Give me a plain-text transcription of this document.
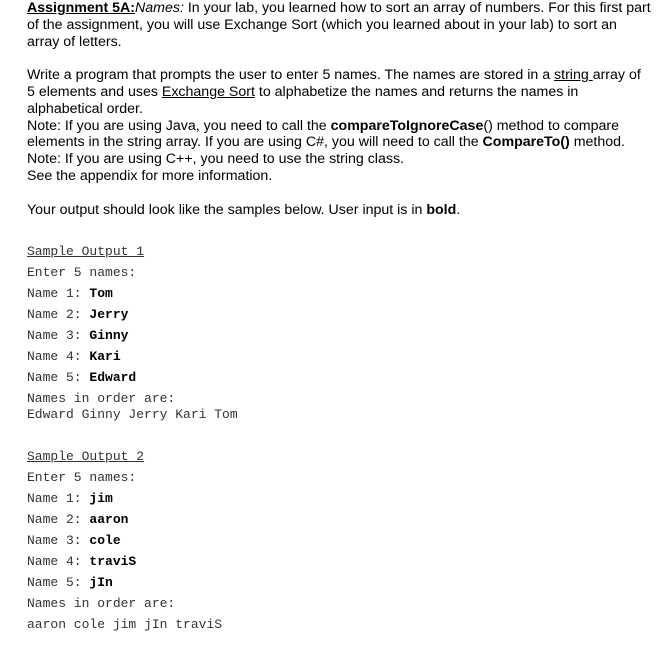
Assignment 5A:Names: In your lab, you learned how to sort an array of numbers. For this first part of the assignment, you will use Exchange Sort (which you learned about in your lab) to sort an array of letters.

Write a program that prompts the user to enter 5 names. The names are stored in a string array of 5 elements and uses Exchange Sort to alphabetize the names and returns the names in alphabetical order.

Note: If you are using Java, you need to call the compareToIgnoreCase() method to compare elements in the string array. If you are using C#, you will need to call the CompareTo() method.

Note: If you are using C++, you need to use the string class.

See the appendix for more information.

Your output should look like the samples below. User input is in bold.

Sample Output 1
Enter 5 names:
Name 1: Tom
Name 2: Jerry
Name 3: Ginny
Name 4: Kari
Name 5: Edward
Names in order are:
Edward Ginny Jerry Kari Tom
Sample Output 2
Enter 5 names:
Name 1: jim
Name 2: aaron
Name 3: cole
Name 4: traviS
Name 5: jIn
Names in order are:
aaron cole jim jIn traviS
